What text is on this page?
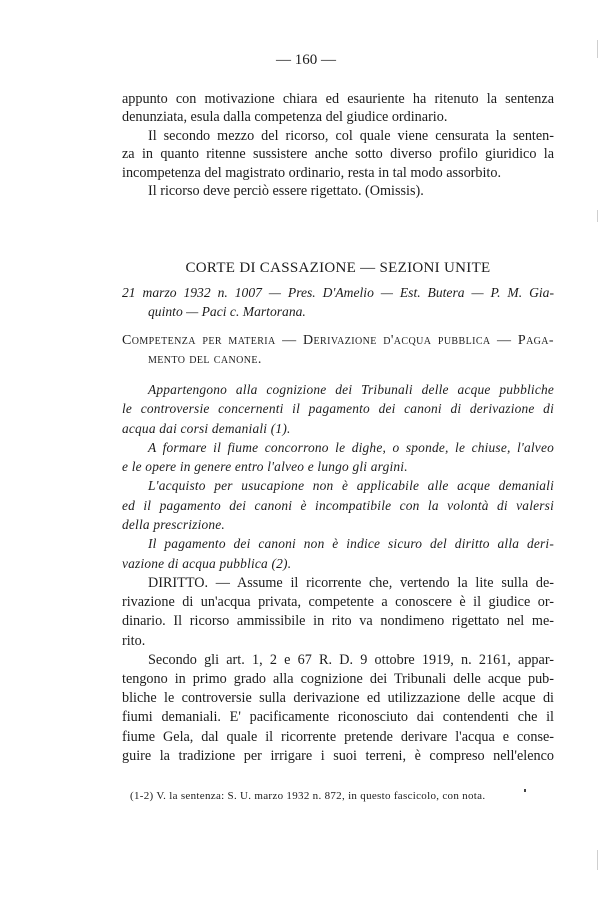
— 160 —
appunto con motivazione chiara ed esauriente ha ritenuto la sentenza
denunziata, esula dalla competenza del giudice ordinario.
Il secondo mezzo del ricorso, col quale viene censurata la senten-
za in quanto ritenne sussistere anche sotto diverso profilo giuridico la
incompetenza del magistrato ordinario, resta in tal modo assorbito.
Il ricorso deve perciò essere rigettato. (Omissis).
CORTE DI CASSAZIONE — SEZIONI UNITE
21 marzo 1932 n. 1007 — Pres. D'Amelio — Est. Butera — P. M. Gia-
quinto — Paci c. Martorana.
Competenza per materia — Derivazione d'acqua pubblica — Paga-
mento del canone.
Appartengono alla cognizione dei Tribunali delle acque pubbliche
le controversie concernenti il pagamento dei canoni di derivazione di
acqua dai corsi demaniali (1).
A formare il fiume concorrono le dighe, o sponde, le chiuse, l'alveo
e le opere in genere entro l'alveo e lungo gli argini.
L'acquisto per usucapione non è applicabile alle acque demaniali
ed il pagamento dei canoni è incompatibile con la volontà di valersi
della prescrizione.
Il pagamento dei canoni non è indice sicuro del diritto alla deri-
vazione di acqua pubblica (2).
DIRITTO. — Assume il ricorrente che, vertendo la lite sulla de-
rivazione di un'acqua privata, competente a conoscere è il giudice or-
dinario. Il ricorso ammissibile in rito va nondimeno rigettato nel me-
rito.
Secondo gli art. 1, 2 e 67 R. D. 9 ottobre 1919, n. 2161, appar-
tengono in primo grado alla cognizione dei Tribunali delle acque pub-
bliche le controversie sulla derivazione ed utilizzazione delle acque di
fiumi demaniali. E' pacificamente riconosciuto dai contendenti che il
fiume Gela, dal quale il ricorrente pretende derivare l'acqua e conse-
guire la tradizione per irrigare i suoi terreni, è compreso nell'elenco
(1-2) V. la sentenza: S. U. marzo 1932 n. 872, in questo fascicolo, con nota.
